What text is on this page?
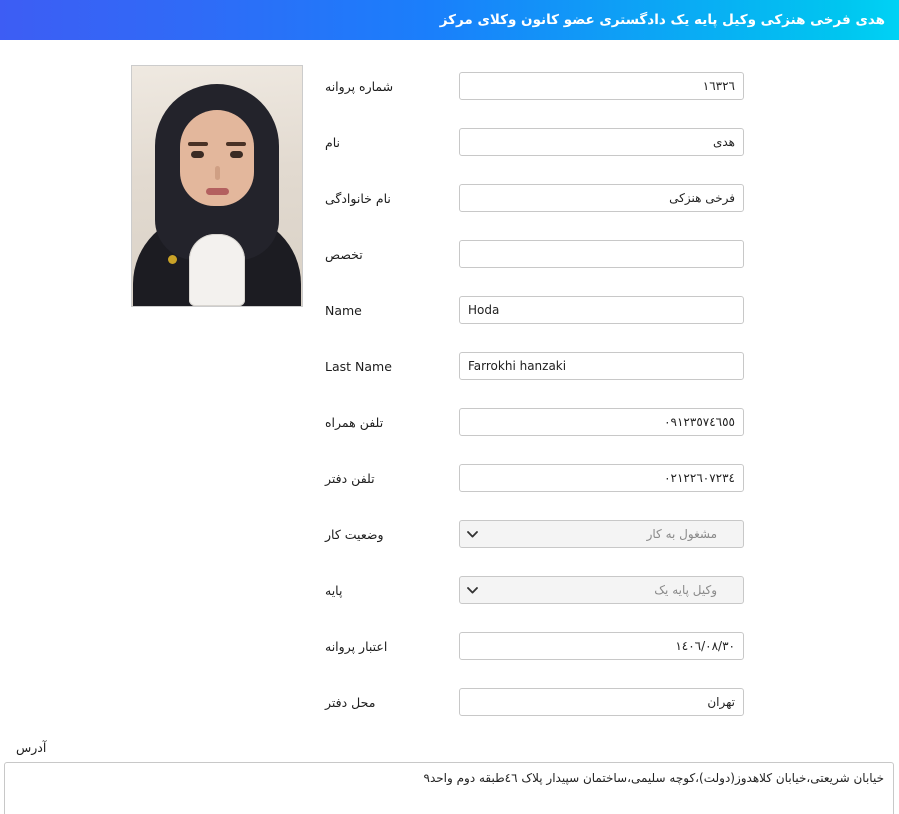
هدی فرخی هنزکی وکیل پایه یک دادگستری عضو کانون وکلای مرکز
١٦٣٢٦
شماره پروانه
هدی
نام
فرخی هنزکی
نام خانوادگی
تخصص
Hoda
Name
Farrokhi hanzaki
Last Name
٠٩١٢٣٥٧٤٦٥٥
تلفن همراه
٠٢١٢٢٦٠٧٢٣٤
تلفن دفتر
مشغول به کار
وضعیت کار
وکیل پایه یک
پایه
١٤٠٦/٠٨/٣٠
اعتبار پروانه
تهران
محل دفتر
آدرس
خیابان شریعتی،خیابان کلاهدوز(دولت)،کوچه سلیمی،ساختمان سپیدار پلاک ٤٦طبقه دوم واحد٩
